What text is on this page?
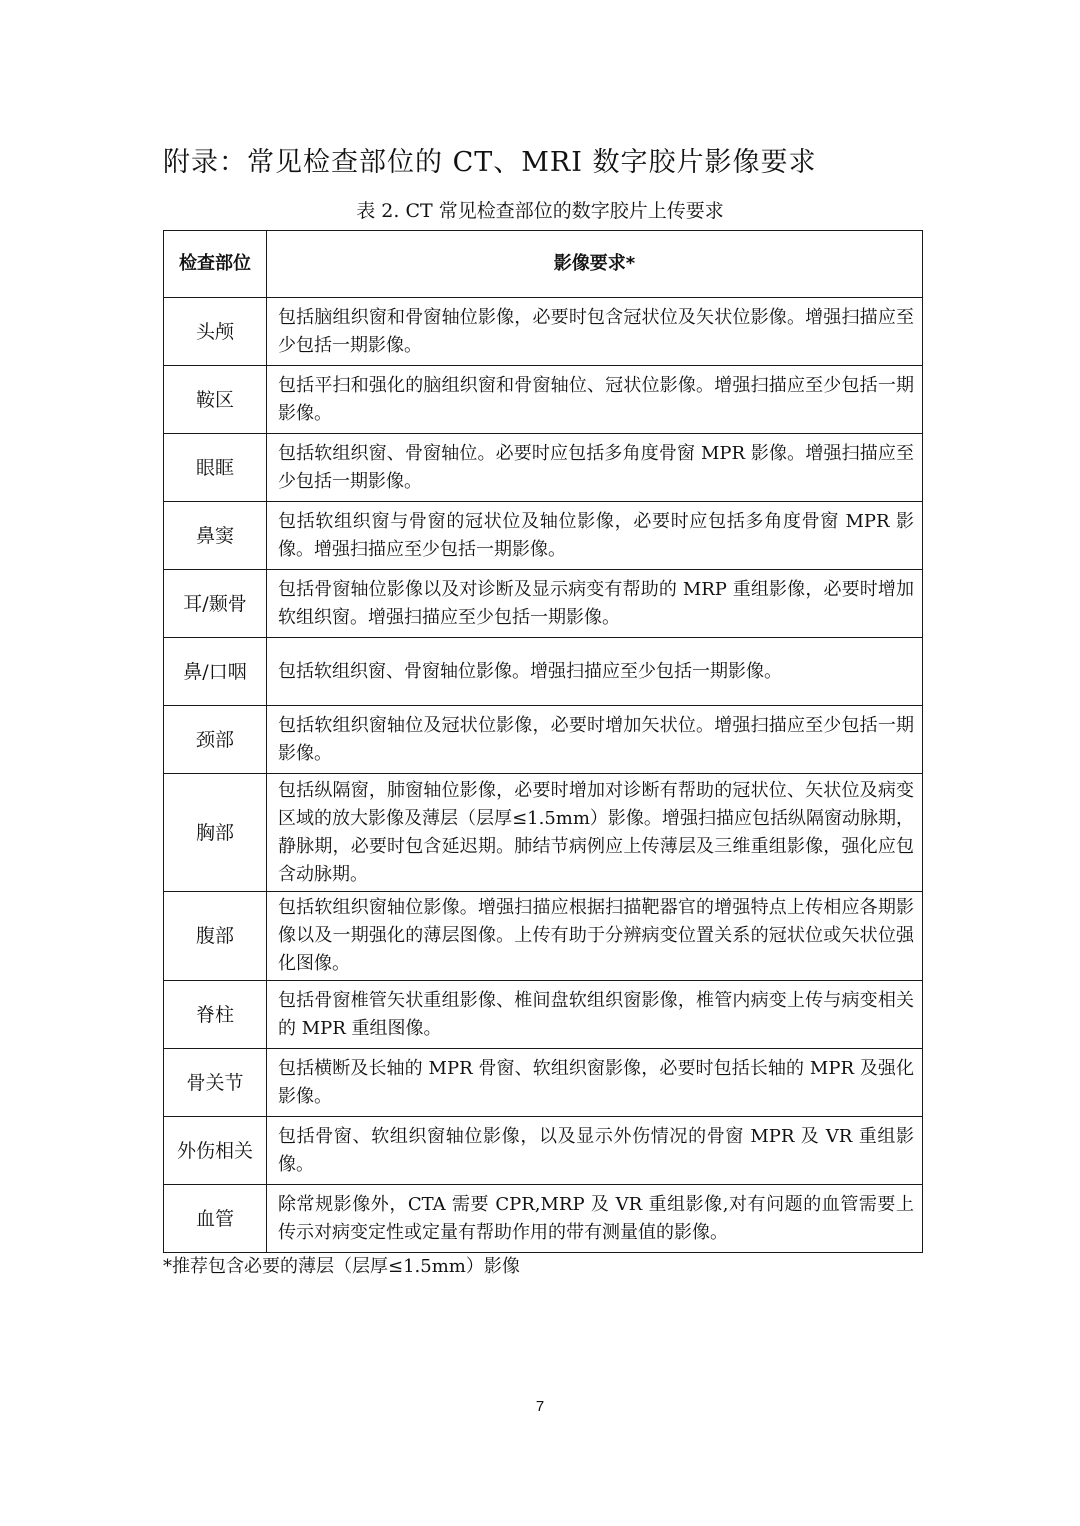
附录：常见检查部位的 CT、MRI 数字胶片影像要求
表 2. CT 常见检查部位的数字胶片上传要求
检查部位	影像要求*
头颅	包括脑组织窗和骨窗轴位影像，必要时包含冠状位及矢状位影像。增强扫描应至少包括一期影像。
鞍区	包括平扫和强化的脑组织窗和骨窗轴位、冠状位影像。增强扫描应至少包括一期影像。
眼眶	包括软组织窗、骨窗轴位。必要时应包括多角度骨窗 MPR 影像。增强扫描应至少包括一期影像。
鼻窦	包括软组织窗与骨窗的冠状位及轴位影像，必要时应包括多角度骨窗 MPR 影像。增强扫描应至少包括一期影像。
耳/颞骨	包括骨窗轴位影像以及对诊断及显示病变有帮助的 MRP 重组影像，必要时增加软组织窗。增强扫描应至少包括一期影像。
鼻/口咽	包括软组织窗、骨窗轴位影像。增强扫描应至少包括一期影像。
颈部	包括软组织窗轴位及冠状位影像，必要时增加矢状位。增强扫描应至少包括一期影像。
胸部	包括纵隔窗，肺窗轴位影像，必要时增加对诊断有帮助的冠状位、矢状位及病变区域的放大影像及薄层（层厚≤1.5mm）影像。增强扫描应包括纵隔窗动脉期，静脉期，必要时包含延迟期。肺结节病例应上传薄层及三维重组影像，强化应包含动脉期。
腹部	包括软组织窗轴位影像。增强扫描应根据扫描靶器官的增强特点上传相应各期影像以及一期强化的薄层图像。上传有助于分辨病变位置关系的冠状位或矢状位强化图像。
脊柱	包括骨窗椎管矢状重组影像、椎间盘软组织窗影像，椎管内病变上传与病变相关的 MPR 重组图像。
骨关节	包括横断及长轴的 MPR 骨窗、软组织窗影像，必要时包括长轴的 MPR 及强化影像。
外伤相关	包括骨窗、软组织窗轴位影像，以及显示外伤情况的骨窗 MPR 及 VR 重组影像。
血管	除常规影像外，CTA 需要 CPR,MRP 及 VR 重组影像,对有问题的血管需要上传示对病变定性或定量有帮助作用的带有测量值的影像。
*推荐包含必要的薄层（层厚≤1.5mm）影像
7
